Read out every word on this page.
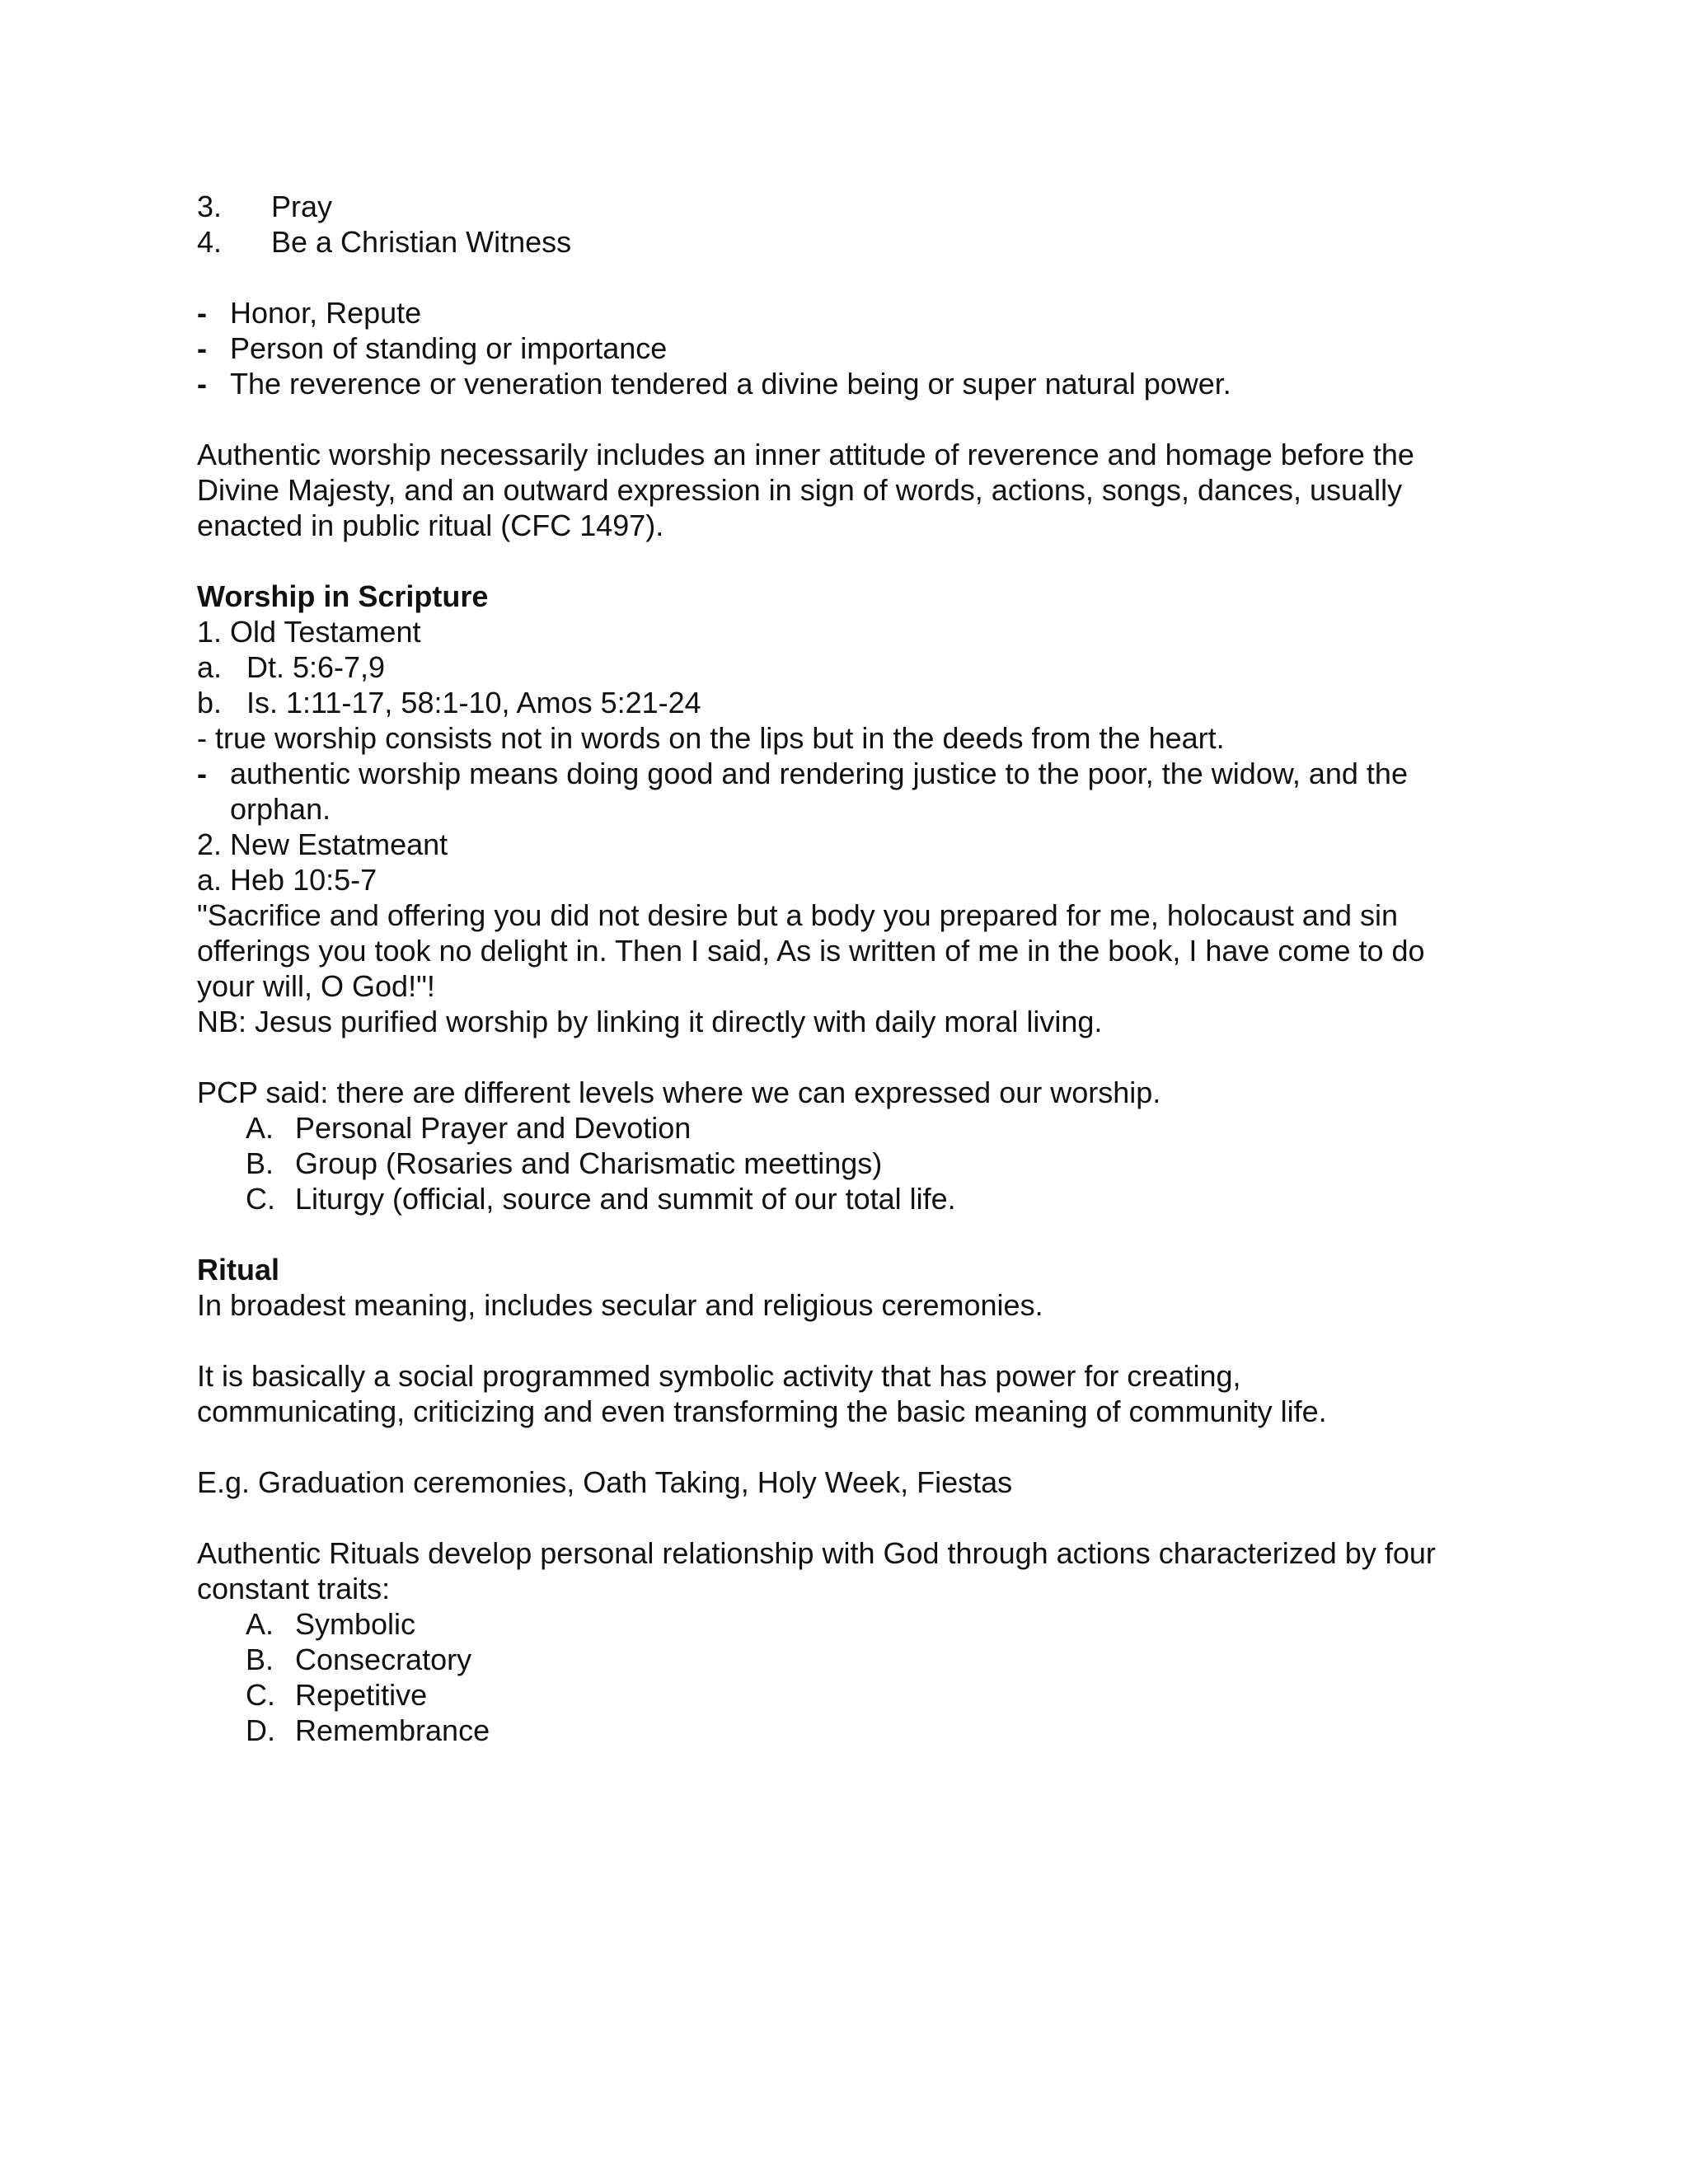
3.	Pray
4.	Be a Christian Witness
- Honor, Repute
- Person of standing or importance
- The reverence or veneration tendered a divine being or super natural power.
Authentic worship necessarily includes an inner attitude of reverence and homage before the
Divine Majesty, and an outward expression in sign of words, actions, songs, dances, usually
enacted in public ritual (CFC 1497).
Worship in Scripture
1. Old Testament
a. Dt. 5:6-7,9
b. Is. 1:11-17, 58:1-10, Amos 5:21-24
- true worship consists not in words on the lips but in the deeds from the heart.
- authentic worship means doing good and rendering justice to the poor, the widow, and the
orphan.
2. New Estatmeant
a. Heb 10:5-7
"Sacrifice and offering you did not desire but a body you prepared for me, holocaust and sin
offerings you took no delight in. Then I said, As is written of me in the book, I have come to do
your will, O God!"!
NB: Jesus purified worship by linking it directly with daily moral living.
PCP said: there are different levels where we can expressed our worship.
A. Personal Prayer and Devotion
B. Group (Rosaries and Charismatic meettings)
C. Liturgy (official, source and summit of our total life.
Ritual
In broadest meaning, includes secular and religious ceremonies.
It is basically a social programmed symbolic activity that has power for creating,
communicating, criticizing and even transforming the basic meaning of community life.
E.g. Graduation ceremonies, Oath Taking, Holy Week, Fiestas
Authentic Rituals develop personal relationship with God through actions characterized by four
constant traits:
A. Symbolic
B. Consecratory
C. Repetitive
D. Remembrance
